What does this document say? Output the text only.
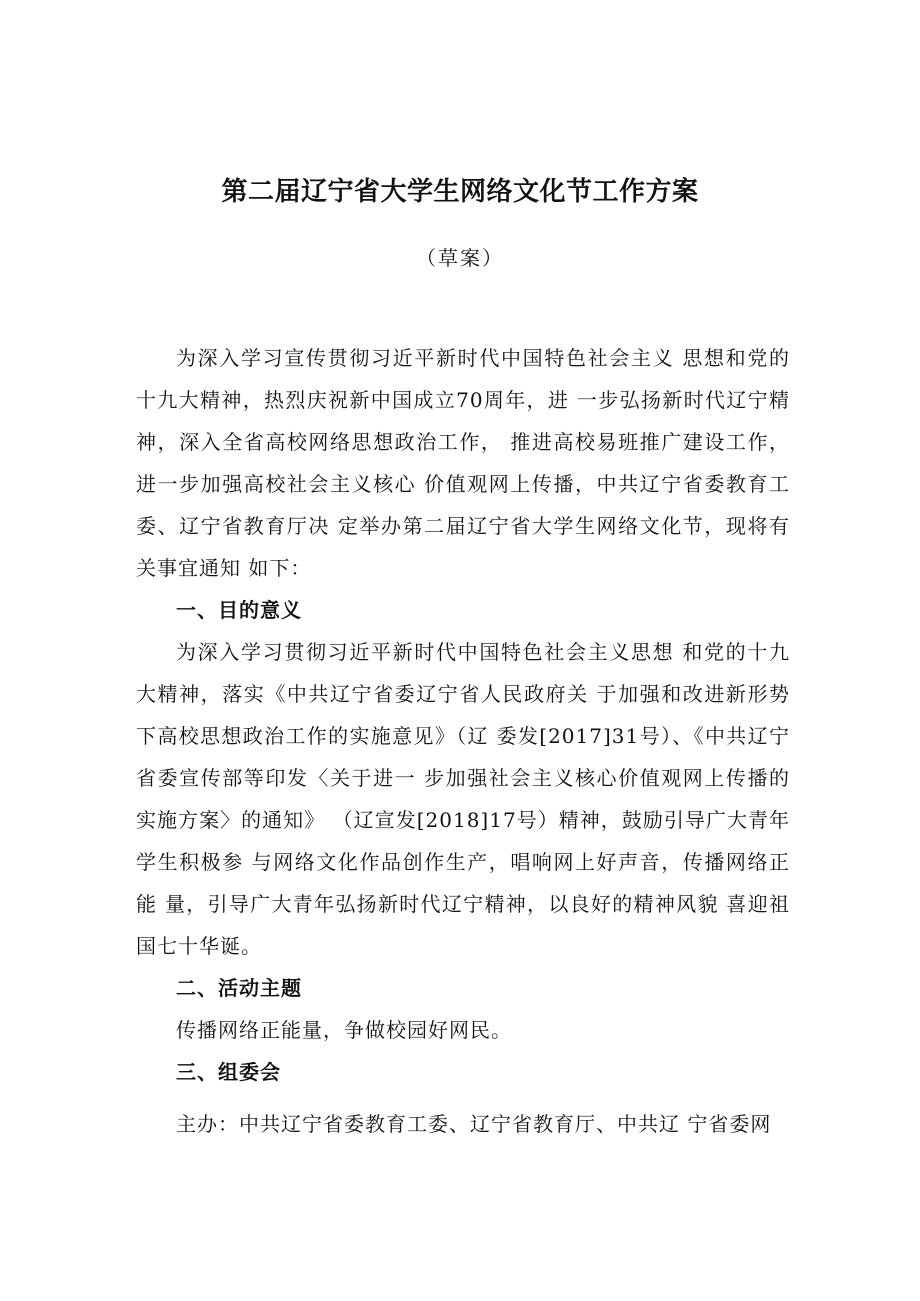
第二届辽宁省大学生网络文化节工作方案
（草案）

为深入学习宣传贯彻习近平新时代中国特色社会主义 思想和党的十九大精神，热烈庆祝新中国成立70周年，进 一步弘扬新时代辽宁精神，深入全省高校网络思想政治工作， 推进高校易班推广建设工作，进一步加强高校社会主义核心 价值观网上传播，中共辽宁省委教育工委、辽宁省教育厅决 定举办第二届辽宁省大学生网络文化节，现将有关事宜通知 如下：

一、目的意义

为深入学习贯彻习近平新时代中国特色社会主义思想 和党的十九大精神，落实《中共辽宁省委辽宁省人民政府关 于加强和改进新形势下高校思想政治工作的实施意见》（辽 委发[2017]31号）、《中共辽宁省委宣传部等印发〈关于进一 步加强社会主义核心价值观网上传播的实施方案〉的通知》 （辽宣发[2018]17号）精神，鼓励引导广大青年学生积极参 与网络文化作品创作生产，唱响网上好声音，传播网络正能 量，引导广大青年弘扬新时代辽宁精神，以良好的精神风貌 喜迎祖国七十华诞。

二、活动主题

传播网络正能量，争做校园好网民。

三、组委会

主办：中共辽宁省委教育工委、辽宁省教育厅、中共辽 宁省委网
